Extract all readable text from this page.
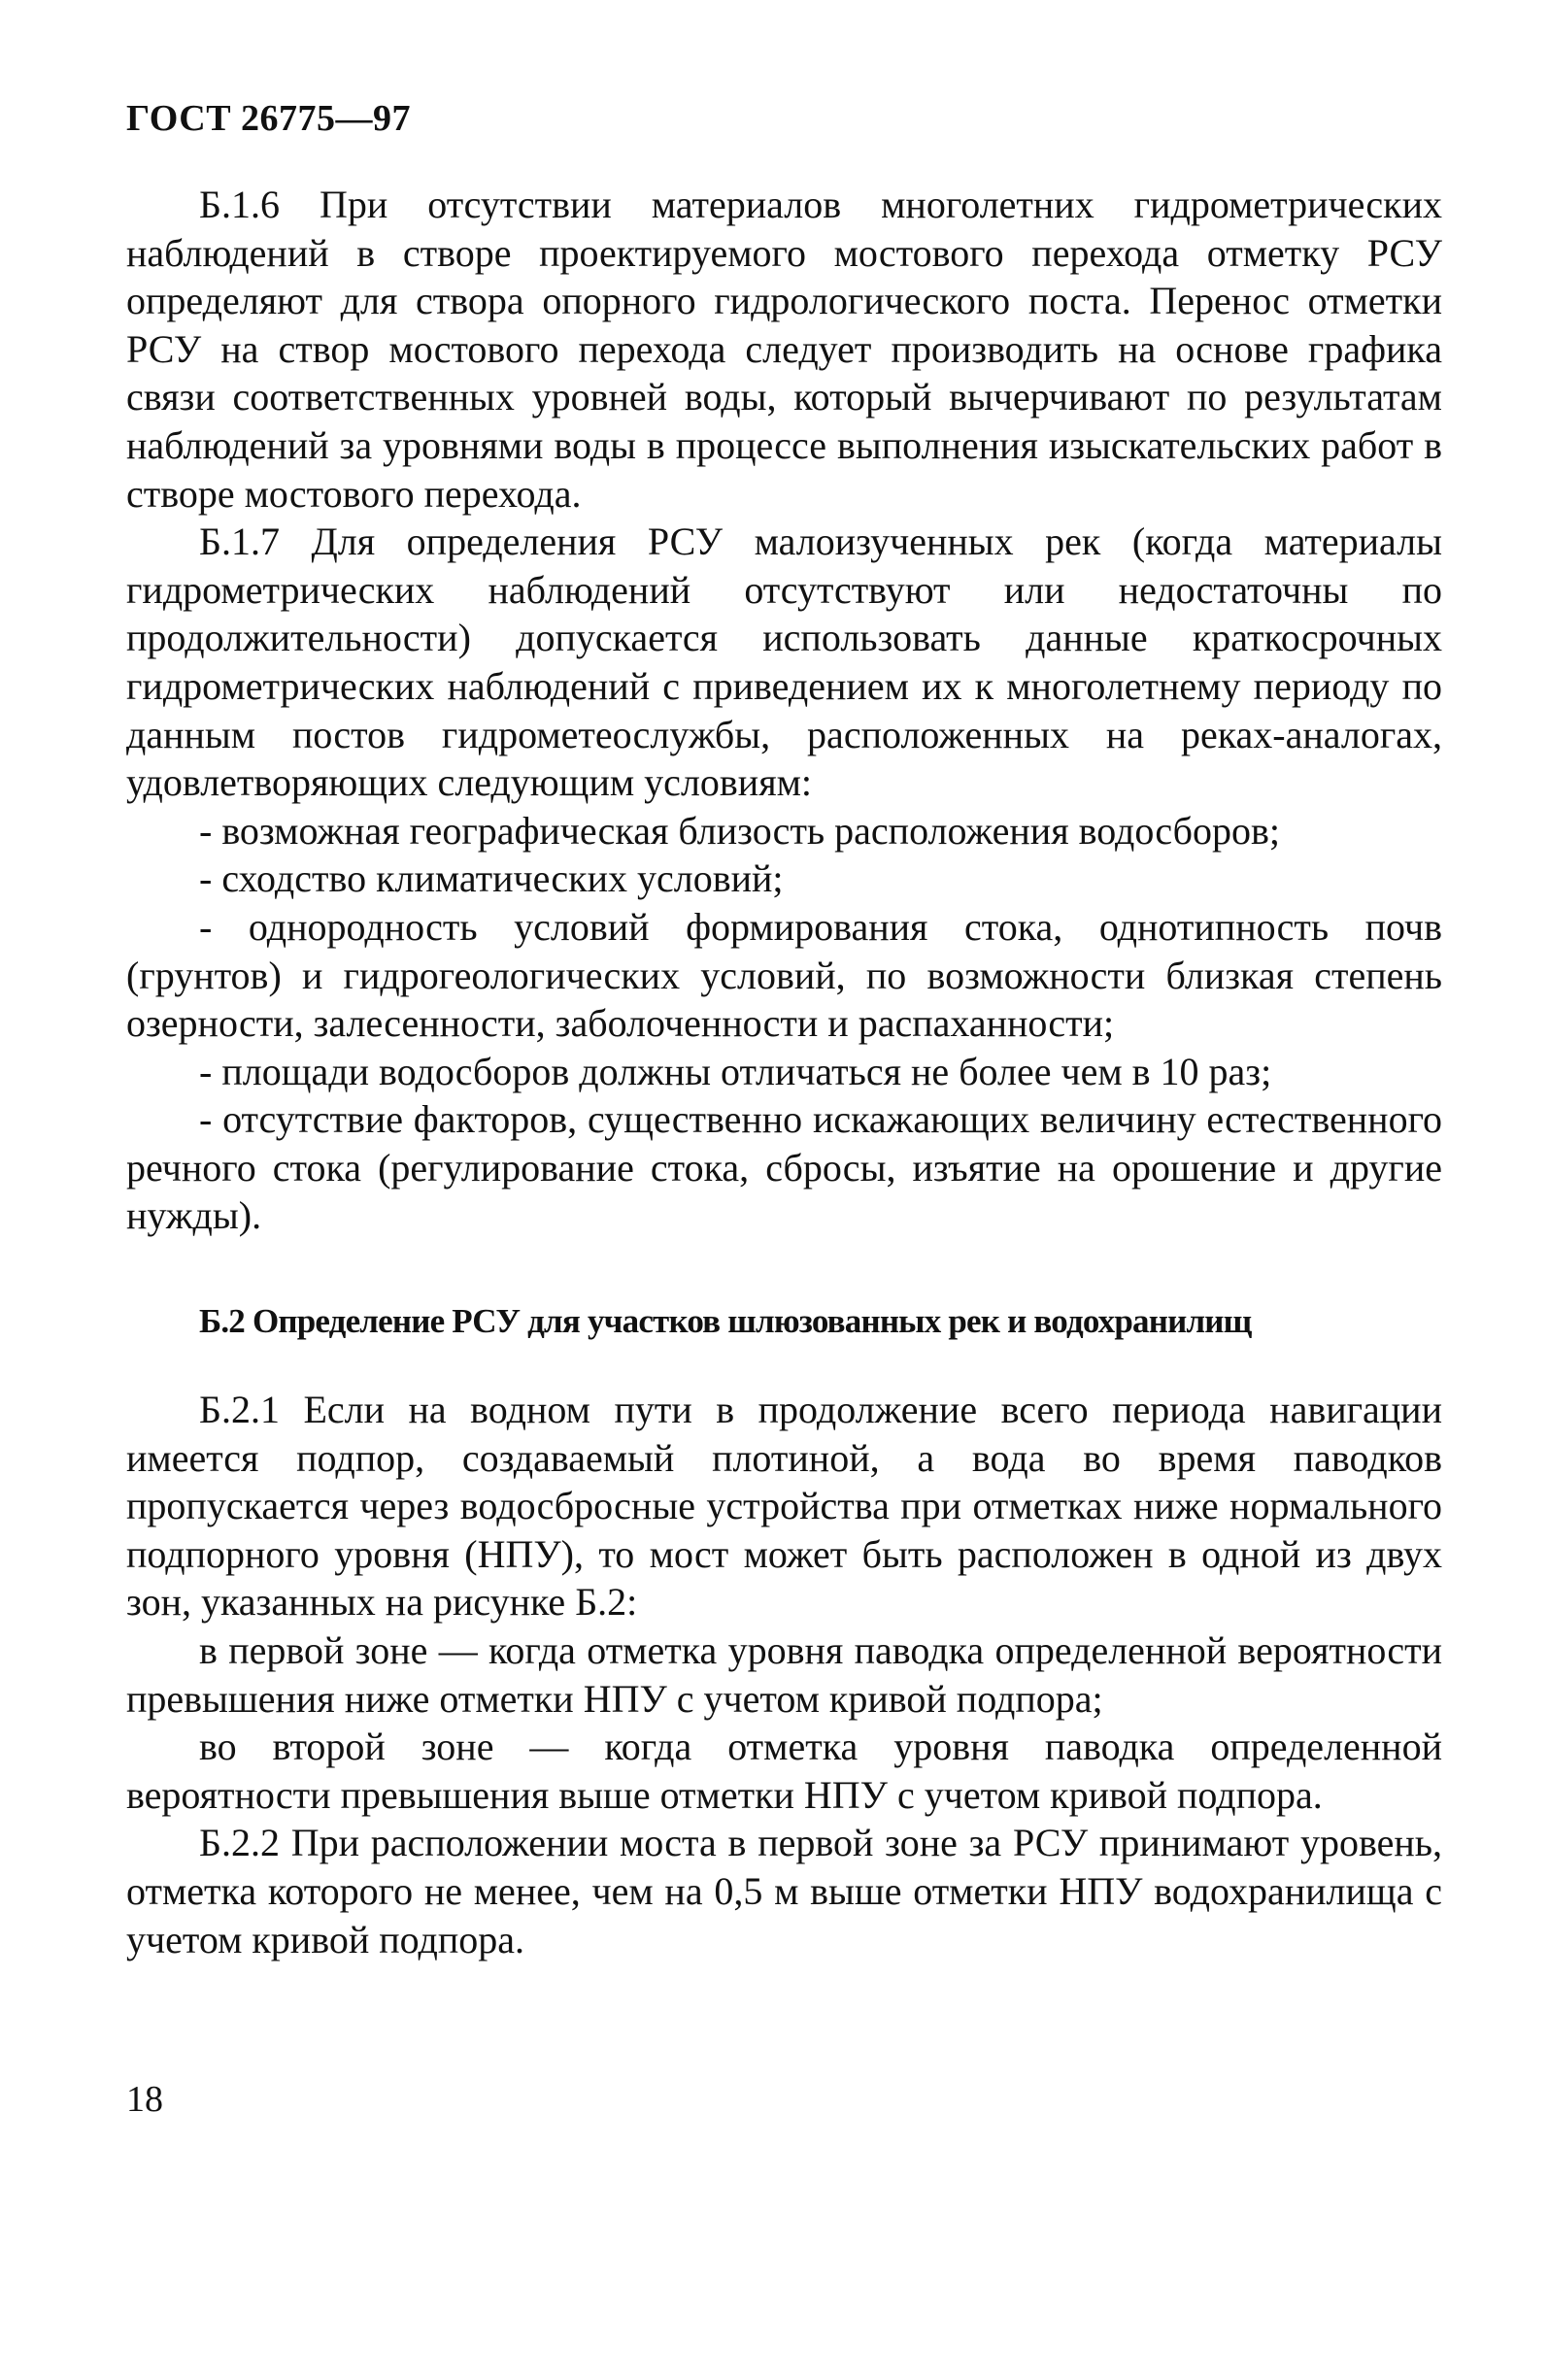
ГОСТ 26775—97

Б.1.6 При отсутствии материалов многолетних гидрометрических наблюдений в створе проектируемого мостового перехода отметку РСУ определяют для створа опорного гидрологического поста. Перенос отметки РСУ на створ мостового перехода следует производить на основе графика связи соответственных уровней воды, который вычерчивают по результатам наблюдений за уровнями воды в процессе выполнения изыскательских работ в створе мостового перехода.

Б.1.7 Для определения РСУ малоизученных рек (когда материалы гидрометрических наблюдений отсутствуют или недостаточны по продолжительности) допускается использовать данные краткосрочных гидрометрических наблюдений с приведением их к многолетнему периоду по данным постов гидрометеослужбы, расположенных на реках-аналогах, удовлетворяющих следующим условиям:

- возможная географическая близость расположения водосборов;

- сходство климатических условий;

- однородность условий формирования стока, однотипность почв (грунтов) и гидрогеологических условий, по возможности близкая степень озерности, залесенности, заболоченности и распаханности;

- площади водосборов должны отличаться не более чем в 10 раз;

- отсутствие факторов, существенно искажающих величину естественного речного стока (регулирование стока, сбросы, изъятие на орошение и другие нужды).

Б.2 Определение РСУ для участков шлюзованных рек и водохранилищ

Б.2.1 Если на водном пути в продолжение всего периода навигации имеется подпор, создаваемый плотиной, а вода во время паводков пропускается через водосбросные устройства при отметках ниже нормального подпорного уровня (НПУ), то мост может быть расположен в одной из двух зон, указанных на рисунке Б.2:

в первой зоне — когда отметка уровня паводка определенной вероятности превышения ниже отметки НПУ с учетом кривой подпора;

во второй зоне — когда отметка уровня паводка определенной вероятности превышения выше отметки НПУ с учетом кривой подпора.

Б.2.2 При расположении моста в первой зоне за РСУ принимают уровень, отметка которого не менее, чем на 0,5 м выше отметки НПУ водохранилища с учетом кривой подпора.

18
